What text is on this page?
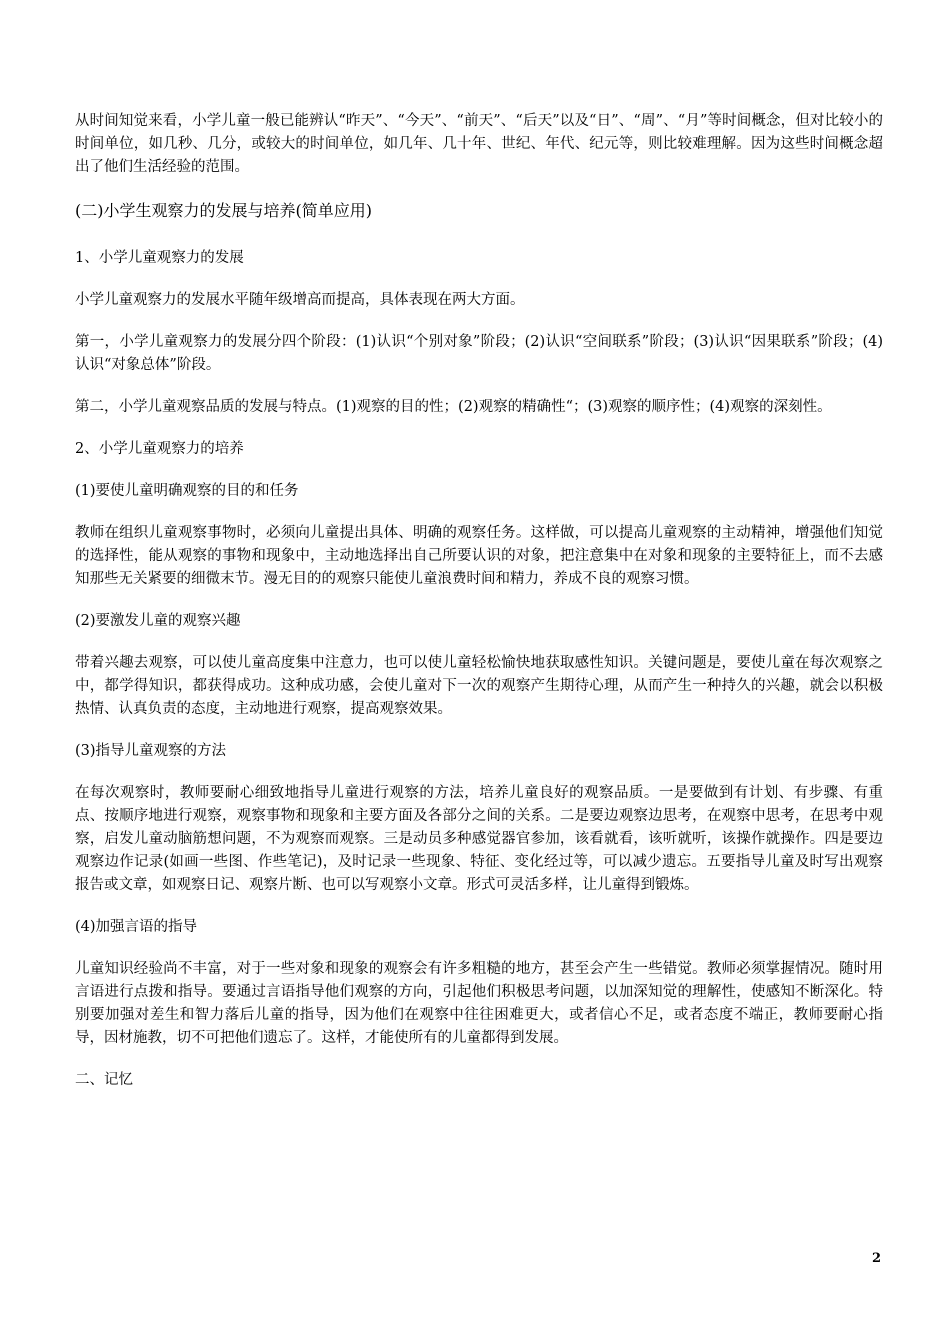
从时间知觉来看，小学儿童一般已能辨认“昨天”、“今天”、“前天”、“后天”以及“日”、“周”、“月”等时间概念，但对比较小的时间单位，如几秒、几分，或较大的时间单位，如几年、几十年、世纪、年代、纪元等，则比较难理解。因为这些时间概念超出了他们生活经验的范围。

(二)小学生观察力的发展与培养(简单应用)

1、小学儿童观察力的发展

小学儿童观察力的发展水平随年级增高而提高，具体表现在两大方面。

第一，小学儿童观察力的发展分四个阶段：(1)认识“个别对象”阶段；(2)认识“空间联系”阶段；(3)认识“因果联系”阶段；(4)认识“对象总体”阶段。

第二，小学儿童观察品质的发展与特点。(1)观察的目的性；(2)观察的精确性“；(3)观察的顺序性；(4)观察的深刻性。

2、小学儿童观察力的培养

(1)要使儿童明确观察的目的和任务

教师在组织儿童观察事物时，必须向儿童提出具体、明确的观察任务。这样做，可以提高儿童观察的主动精神，增强他们知觉的选择性，能从观察的事物和现象中，主动地选择出自己所要认识的对象，把注意集中在对象和现象的主要特征上，而不去感知那些无关紧要的细微末节。漫无目的的观察只能使儿童浪费时间和精力，养成不良的观察习惯。

(2)要激发儿童的观察兴趣

带着兴趣去观察，可以使儿童高度集中注意力，也可以使儿童轻松愉快地获取感性知识。关键问题是，要使儿童在每次观察之中，都学得知识，都获得成功。这种成功感，会使儿童对下一次的观察产生期待心理，从而产生一种持久的兴趣，就会以积极热情、认真负责的态度，主动地进行观察，提高观察效果。

(3)指导儿童观察的方法

在每次观察时，教师要耐心细致地指导儿童进行观察的方法，培养儿童良好的观察品质。一是要做到有计划、有步骤、有重点、按顺序地进行观察，观察事物和现象和主要方面及各部分之间的关系。二是要边观察边思考，在观察中思考，在思考中观察，启发儿童动脑筋想问题，不为观察而观察。三是动员多种感觉器官参加，该看就看，该听就听，该操作就操作。四是要边观察边作记录(如画一些图、作些笔记)，及时记录一些现象、特征、变化经过等，可以减少遗忘。五要指导儿童及时写出观察报告或文章，如观察日记、观察片断、也可以写观察小文章。形式可灵活多样，让儿童得到锻炼。

(4)加强言语的指导

儿童知识经验尚不丰富，对于一些对象和现象的观察会有许多粗糙的地方，甚至会产生一些错觉。教师必须掌握情况。随时用言语进行点拨和指导。要通过言语指导他们观察的方向，引起他们积极思考问题，以加深知觉的理解性，使感知不断深化。特别要加强对差生和智力落后儿童的指导，因为他们在观察中往往困难更大，或者信心不足，或者态度不端正，教师要耐心指导，因材施教，切不可把他们遗忘了。这样，才能使所有的儿童都得到发展。

二、记忆

2
